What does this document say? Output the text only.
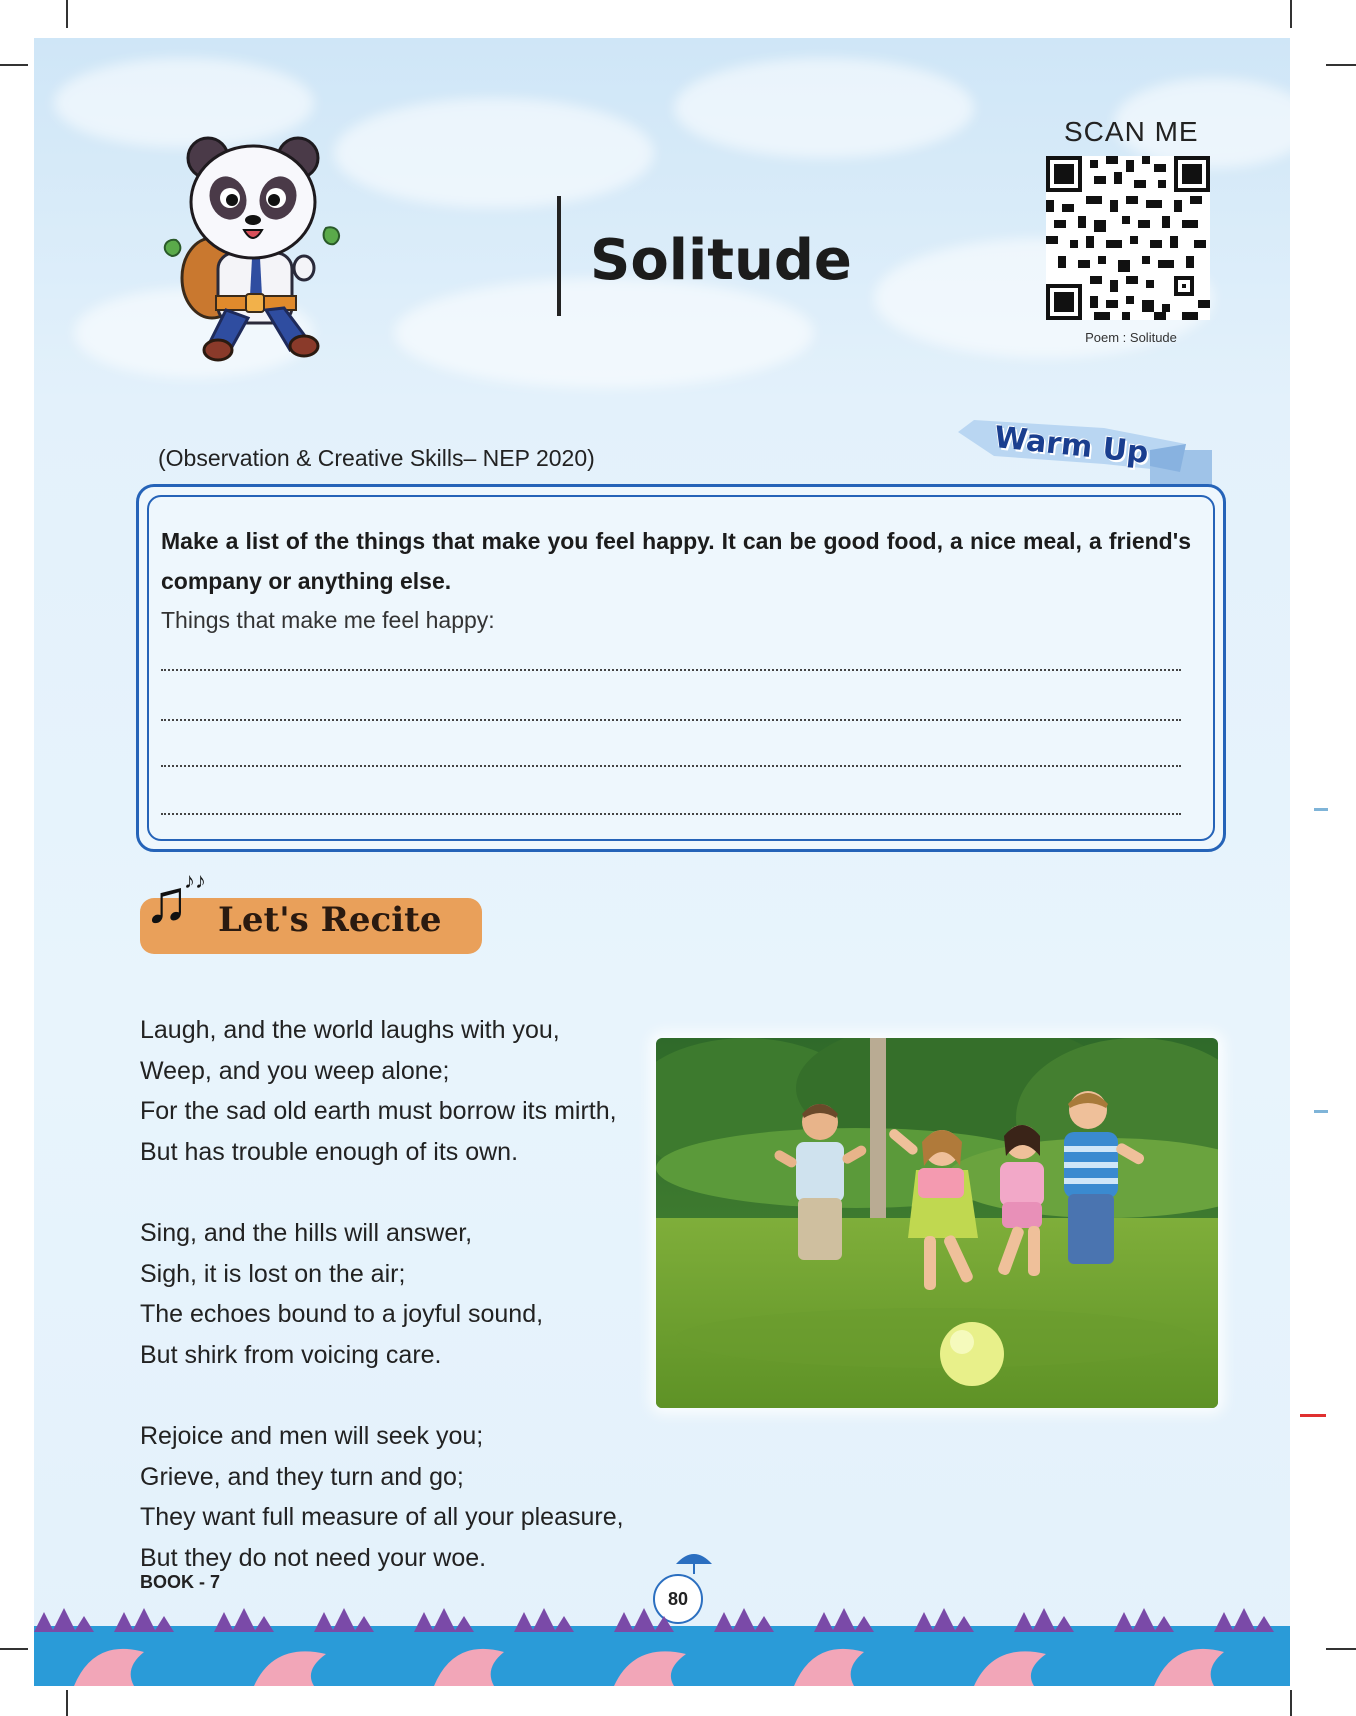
Solitude
SCAN ME
Poem : Solitude
(Observation & Creative Skills– NEP 2020)	Warm Up
Make a list of the things that make you feel happy. It can be good food, a nice meal, a friend's company or anything else.
Things that make me feel happy:
♫
♪♪
Let's Recite
Laugh, and the world laughs with you,
Weep, and you weep alone;
For the sad old earth must borrow its mirth,
But has trouble enough of its own.
Sing, and the hills will answer,
Sigh, it is lost on the air;
The echoes bound to a joyful sound,
But shirk from voicing care.
Rejoice and men will seek you;
Grieve, and they turn and go;
They want full measure of all your pleasure,
But they do not need your woe.
BOOK - 7
80
